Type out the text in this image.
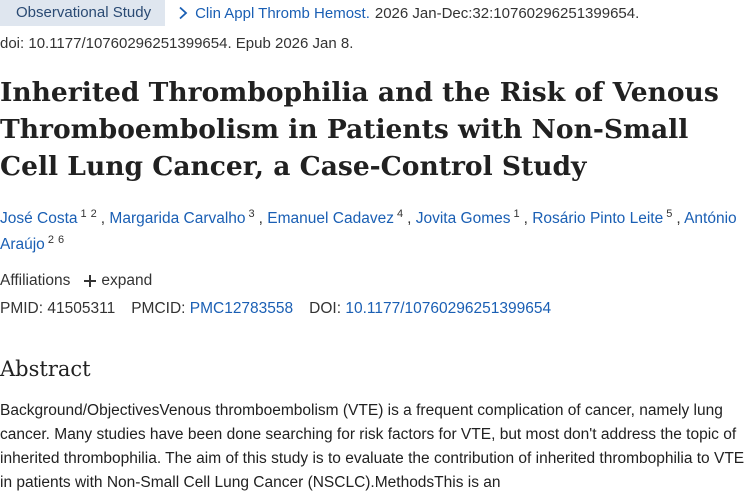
Observational Study	Clin Appl Thromb Hemost. 2026 Jan-Dec:32:10760296251399654.
doi: 10.1177/10760296251399654. Epub 2026 Jan 8.
Inherited Thrombophilia and the Risk of Venous Thromboembolism in Patients with Non-Small Cell Lung Cancer, a Case-Control Study
José Costa $^{1 2}$ , Margarida Carvalho $^3$ , Emanuel Cadavez $^4$ , Jovita Gomes $^1$ , Rosário Pinto Leite $^5$ , António Araújo $^{2 6}$
Affiliations expand
PMID: 41505311 PMCID: PMC12783558 DOI: 10.1177/10760296251399654
Abstract

Background/ObjectivesVenous thromboembolism (VTE) is a frequent complication of cancer, namely lung cancer. Many studies have been done searching for risk factors for VTE, but most don't address the topic of inherited thrombophilia. The aim of this study is to evaluate the contribution of inherited thrombophilia to VTE in patients with Non-Small Cell Lung Cancer (NSCLC).MethodsThis is an
